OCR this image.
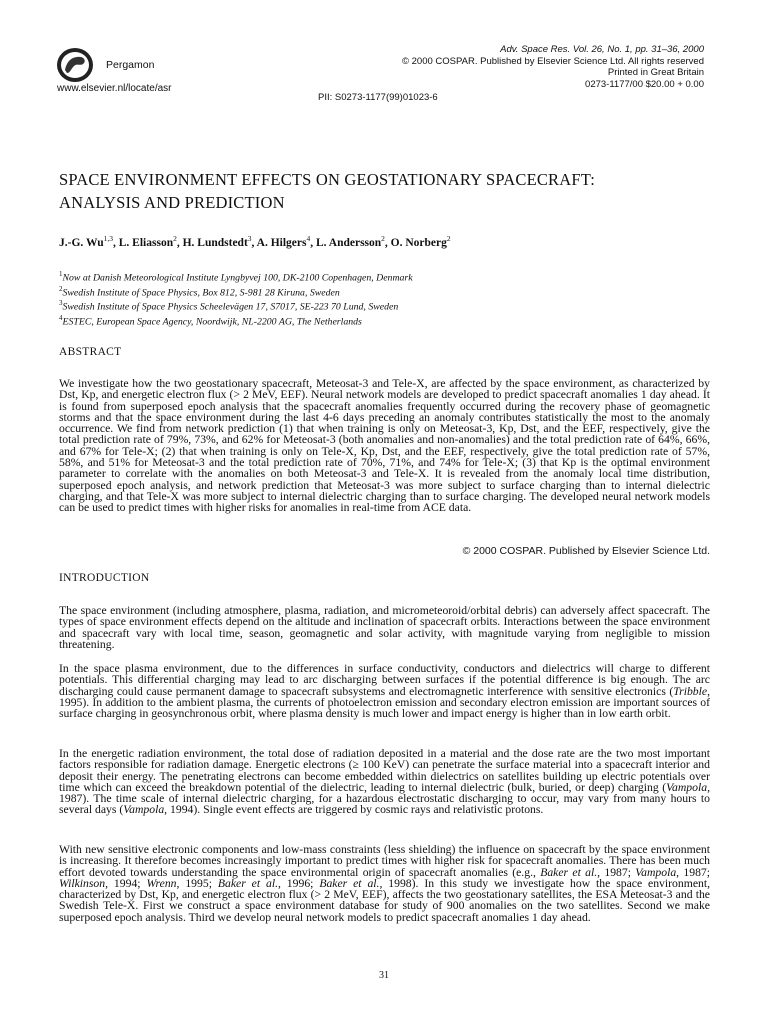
Pergamon
www.elsevier.nl/locate/asr
Adv. Space Res. Vol. 26, No. 1, pp. 31–36, 2000
© 2000 COSPAR. Published by Elsevier Science Ltd. All rights reserved
Printed in Great Britain
0273-1177/00 $20.00 + 0.00
PII: S0273-1177(99)01023-6
SPACE ENVIRONMENT EFFECTS ON GEOSTATIONARY SPACECRAFT:
ANALYSIS AND PREDICTION
J.-G. Wu$^{1,3}$, L. Eliasson$^2$, H. Lundstedt$^3$, A. Hilgers$^4$, L. Andersson$^2$, O. Norberg$^2$
$^1$Now at Danish Meteorological Institute Lyngbyvej 100, DK-2100 Copenhagen, Denmark
$^2$Swedish Institute of Space Physics, Box 812, S-981 28 Kiruna, Sweden
$^3$Swedish Institute of Space Physics Scheelevägen 17, S7017, SE-223 70 Lund, Sweden
$^4$ESTEC, European Space Agency, Noordwijk, NL-2200 AG, The Netherlands
ABSTRACT
We investigate how the two geostationary spacecraft, Meteosat-3 and Tele-X, are affected by the space environment, as characterized by Dst, Kp, and energetic electron flux (> 2 MeV, EEF). Neural network models are developed to predict spacecraft anomalies 1 day ahead. It is found from superposed epoch analysis that the spacecraft anomalies frequently occurred during the recovery phase of geomagnetic storms and that the space environment during the last 4-6 days preceding an anomaly contributes statistically the most to the anomaly occurrence. We find from network prediction (1) that when training is only on Meteosat-3, Kp, Dst, and the EEF, respectively, give the total prediction rate of 79%, 73%, and 62% for Meteosat-3 (both anomalies and non-anomalies) and the total prediction rate of 64%, 66%, and 67% for Tele-X; (2) that when training is only on Tele-X, Kp, Dst, and the EEF, respectively, give the total prediction rate of 57%, 58%, and 51% for Meteosat-3 and the total prediction rate of 70%, 71%, and 74% for Tele-X; (3) that Kp is the optimal environment parameter to correlate with the anomalies on both Meteosat-3 and Tele-X. It is revealed from the anomaly local time distribution, superposed epoch analysis, and network prediction that Meteosat-3 was more subject to surface charging than to internal dielectric charging, and that Tele-X was more subject to internal dielectric charging than to surface charging. The developed neural network models can be used to predict times with higher risks for anomalies in real-time from ACE data.
© 2000 COSPAR. Published by Elsevier Science Ltd.
INTRODUCTION
The space environment (including atmosphere, plasma, radiation, and micrometeoroid/orbital debris) can adversely affect spacecraft. The types of space environment effects depend on the altitude and inclination of spacecraft orbits. Interactions between the space environment and spacecraft vary with local time, season, geomagnetic and solar activity, with magnitude varying from negligible to mission threatening.
In the space plasma environment, due to the differences in surface conductivity, conductors and dielectrics will charge to different potentials. This differential charging may lead to arc discharging between surfaces if the potential difference is big enough. The arc discharging could cause permanent damage to spacecraft subsystems and electromagnetic interference with sensitive electronics (Tribble, 1995). In addition to the ambient plasma, the currents of photoelectron emission and secondary electron emission are important sources of surface charging in geosynchronous orbit, where plasma density is much lower and impact energy is higher than in low earth orbit.
In the energetic radiation environment, the total dose of radiation deposited in a material and the dose rate are the two most important factors responsible for radiation damage. Energetic electrons (≥ 100 KeV) can penetrate the surface material into a spacecraft interior and deposit their energy. The penetrating electrons can become embedded within dielectrics on satellites building up electric potentials over time which can exceed the breakdown potential of the dielectric, leading to internal dielectric (bulk, buried, or deep) charging (Vampola, 1987). The time scale of internal dielectric charging, for a hazardous electrostatic discharging to occur, may vary from many hours to several days (Vampola, 1994). Single event effects are triggered by cosmic rays and relativistic protons.
With new sensitive electronic components and low-mass constraints (less shielding) the influence on spacecraft by the space environment is increasing. It therefore becomes increasingly important to predict times with higher risk for spacecraft anomalies. There has been much effort devoted towards understanding the space environmental origin of spacecraft anomalies (e.g., Baker et al., 1987; Vampola, 1987; Wilkinson, 1994; Wrenn, 1995; Baker et al., 1996; Baker et al., 1998). In this study we investigate how the space environment, characterized by Dst, Kp, and energetic electron flux (> 2 MeV, EEF), affects the two geostationary satellites, the ESA Meteosat-3 and the Swedish Tele-X. First we construct a space environment database for study of 900 anomalies on the two satellites. Second we make superposed epoch analysis. Third we develop neural network models to predict spacecraft anomalies 1 day ahead.
31
